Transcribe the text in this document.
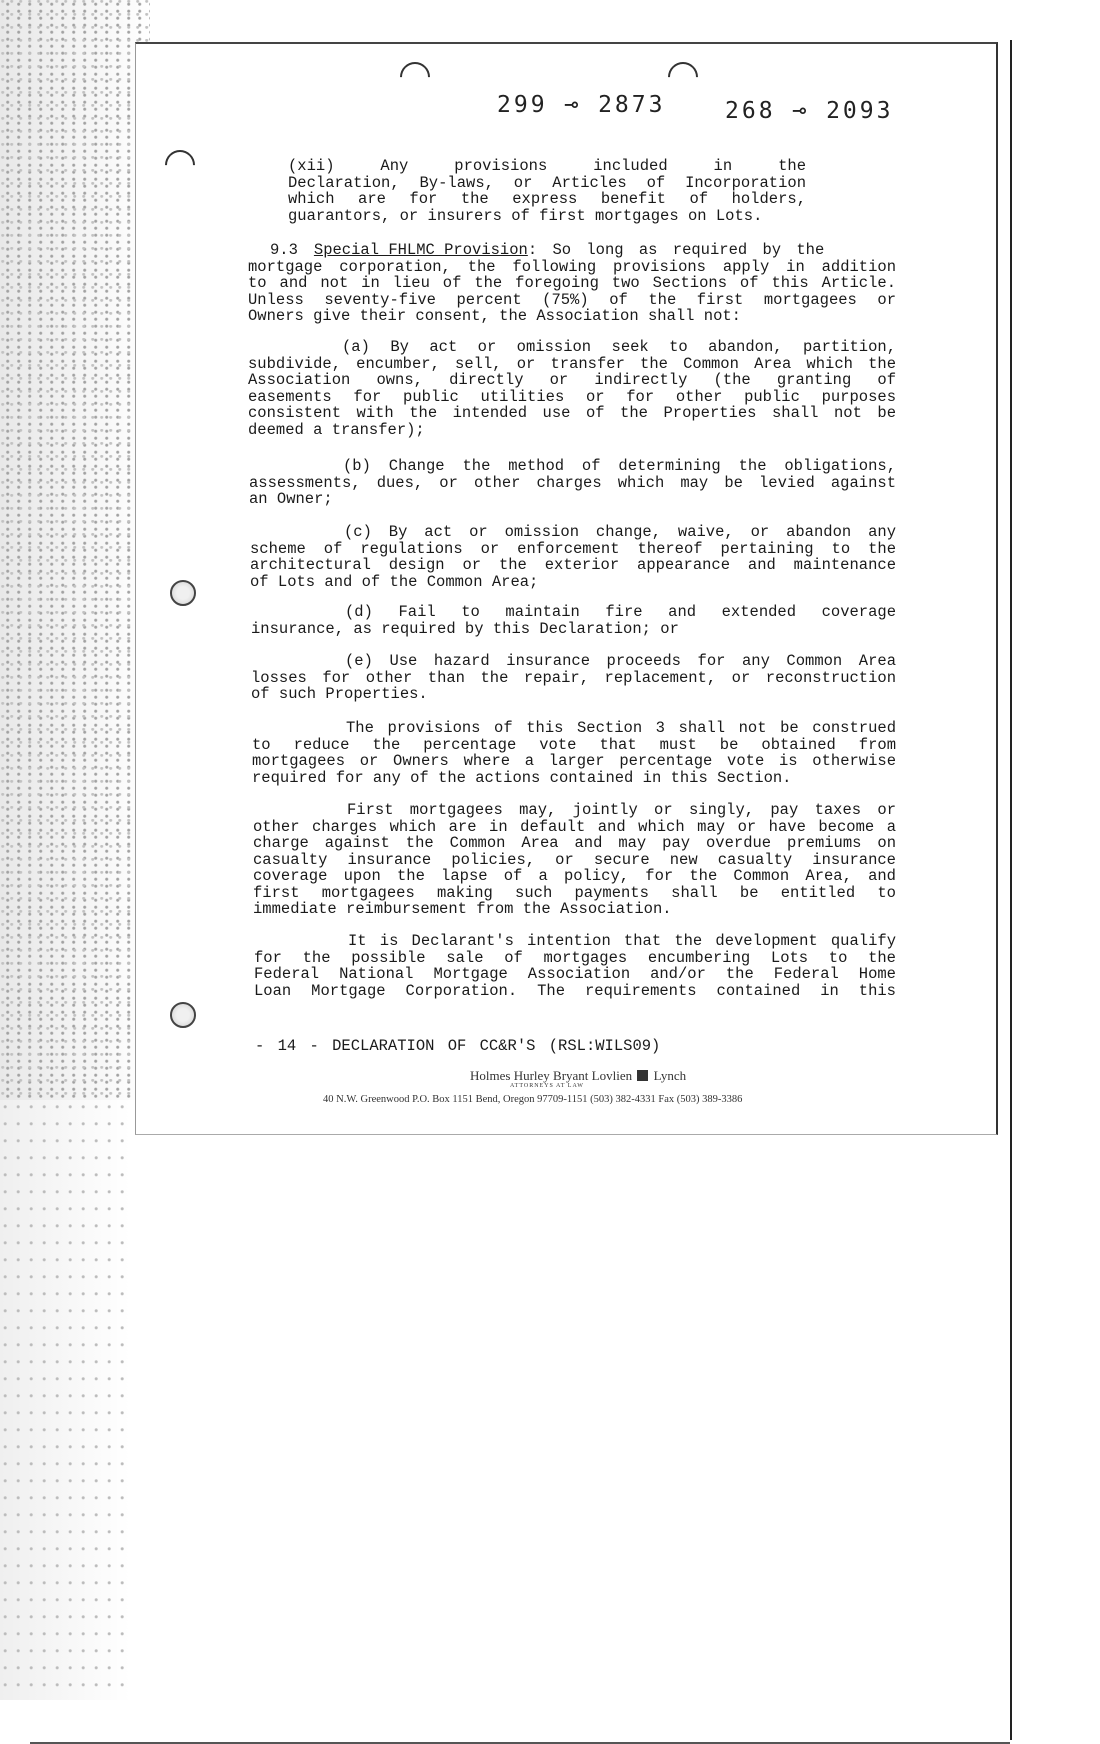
299 ⊸ 2873	268 ⊸ 2093
(xii) Any provisions included in the
Declaration, By-laws, or Articles of Incorporation
which are for the express benefit of holders,
guarantors, or insurers of first mortgages on Lots.
9.3 Special FHLMC Provision : So long as required by the
mortgage corporation, the following provisions apply in addition
to and not in lieu of the foregoing two Sections of this Article.
Unless seventy-five percent (75%) of the first mortgagees or
Owners give their consent, the Association shall not:
(a) By act or omission seek to abandon, partition,
subdivide, encumber, sell, or transfer the Common Area which the
Association owns, directly or indirectly (the granting of
easements for public utilities or for other public purposes
consistent with the intended use of the Properties shall not be
deemed a transfer);
(b) Change the method of determining the obligations,
assessments, dues, or other charges which may be levied against
an Owner;
(c) By act or omission change, waive, or abandon any
scheme of regulations or enforcement thereof pertaining to the
architectural design or the exterior appearance and maintenance
of Lots and of the Common Area;
(d) Fail to maintain fire and extended coverage
insurance, as required by this Declaration; or
(e) Use hazard insurance proceeds for any Common Area
losses for other than the repair, replacement, or reconstruction
of such Properties.
The provisions of this Section 3 shall not be construed
to reduce the percentage vote that must be obtained from
mortgagees or Owners where a larger percentage vote is otherwise
required for any of the actions contained in this Section.
First mortgagees may, jointly or singly, pay taxes or
other charges which are in default and which may or have become a
charge against the Common Area and may pay overdue premiums on
casualty insurance policies, or secure new casualty insurance
coverage upon the lapse of a policy, for the Common Area, and
first mortgagees making such payments shall be entitled to
immediate reimbursement from the Association.
It is Declarant's intention that the development qualify
for the possible sale of mortgages encumbering Lots to the
Federal National Mortgage Association and/or the Federal Home
Loan Mortgage Corporation. The requirements contained in this
- 14 - DECLARATION OF CC&R'S (RSL:WILS09)
Holmes Hurley Bryant Lovlien Lynch
ATTORNEYS AT LAW
40 N.W. Greenwood P.O. Box 1151 Bend, Oregon 97709-1151 (503) 382-4331 Fax (503) 389-3386
